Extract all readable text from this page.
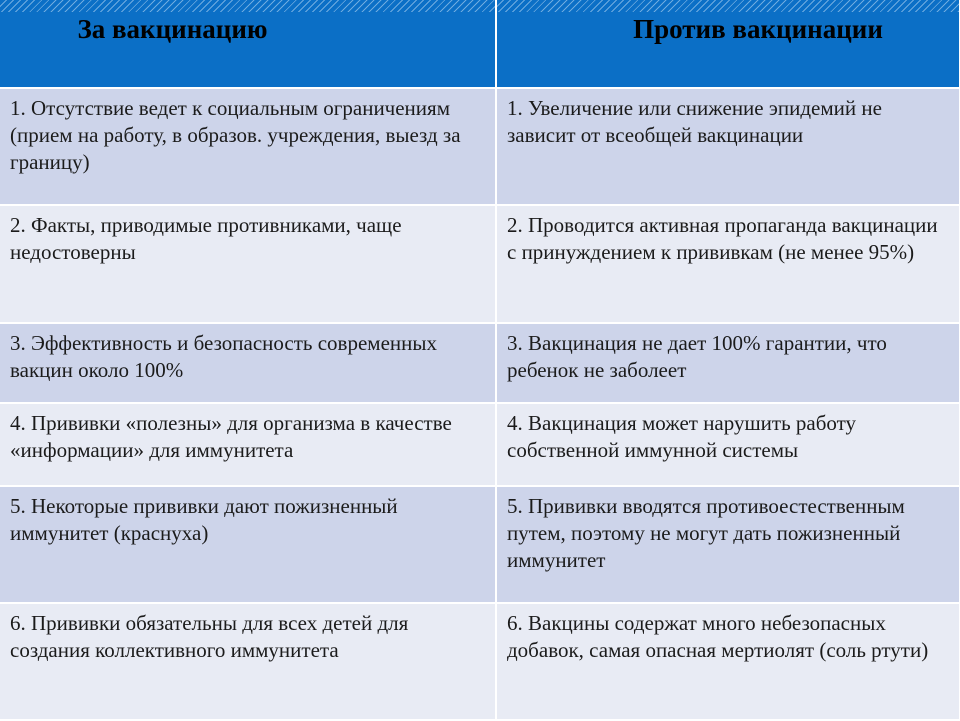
За вакцинацию	Против вакцинации
1. Отсутствие ведет к социальным ограничениям (прием на работу, в образов. учреждения, выезд за границу)	1. Увеличение или снижение эпидемий не зависит от всеобщей вакцинации
2. Факты, приводимые противниками, чаще недостоверны	2. Проводится активная пропаганда вакцинации с принуждением к прививкам (не менее 95%)
3. Эффективность и безопасность современных вакцин около 100%	3. Вакцинация не дает 100% гарантии, что ребенок не заболеет
4. Прививки «полезны» для организма в качестве «информации» для иммунитета	4. Вакцинация может нарушить работу собственной иммунной системы
5. Некоторые прививки дают пожизненный иммунитет (краснуха)	5. Прививки вводятся противоестественным путем, поэтому не могут дать пожизненный иммунитет
6. Прививки обязательны для всех детей для создания коллективного иммунитета	6. Вакцины содержат много небезопасных добавок, самая опасная мертиолят (соль ртути)
